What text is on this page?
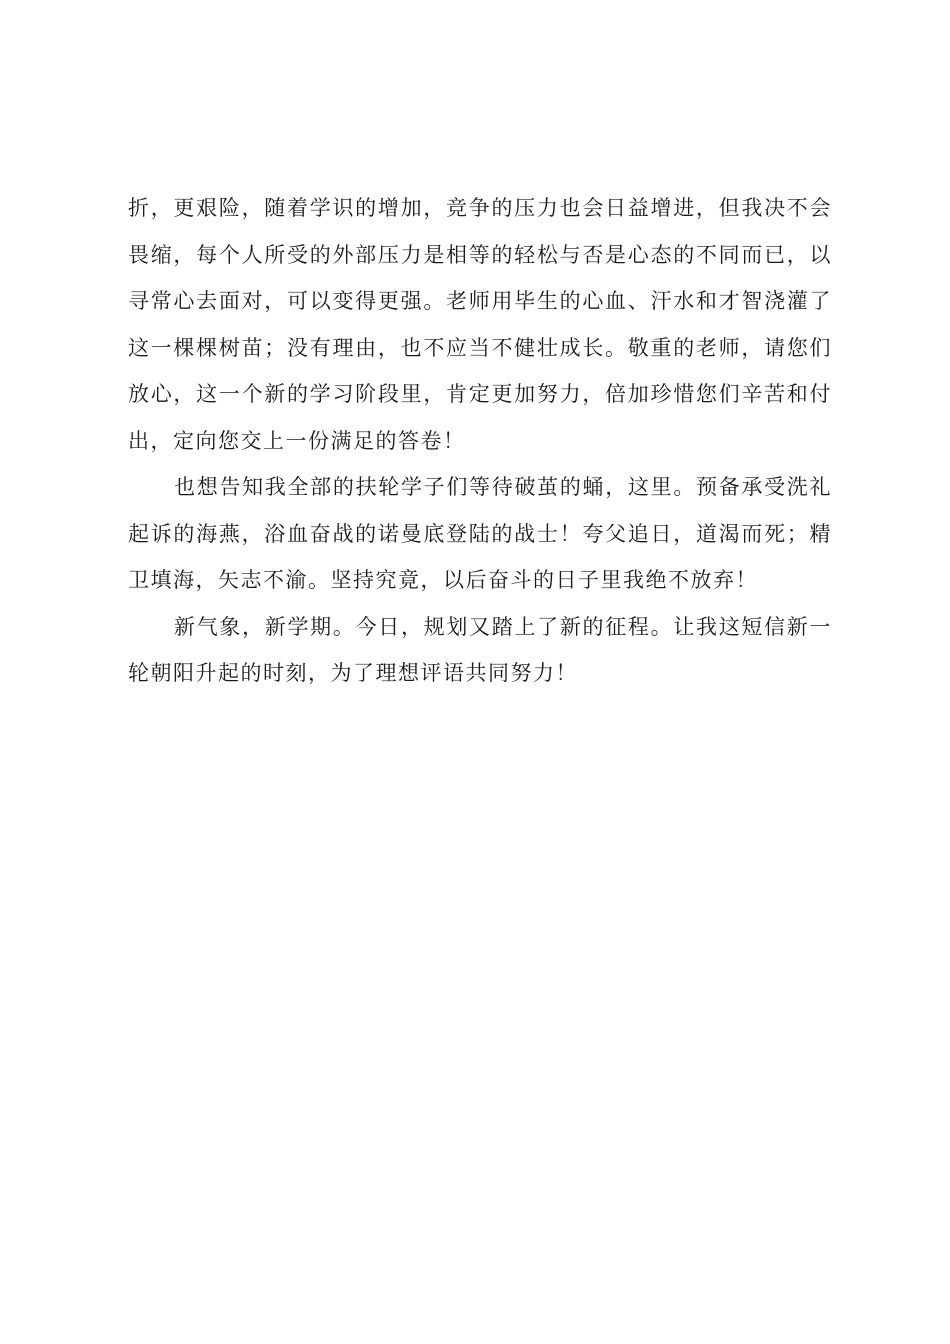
折，更艰险，随着学识的增加，竞争的压力也会日益增进，但我决不会畏缩，每个人所受的外部压力是相等的轻松与否是心态的不同而已，以寻常心去面对，可以变得更强。老师用毕生的心血、汗水和才智浇灌了这一棵棵树苗；没有理由，也不应当不健壮成长。敬重的老师，请您们放心，这一个新的学习阶段里，肯定更加努力，倍加珍惜您们辛苦和付出，定向您交上一份满足的答卷！

也想告知我全部的扶轮学子们等待破茧的蛹，这里。预备承受洗礼起诉的海燕，浴血奋战的诺曼底登陆的战士！夸父追日，道渴而死；精卫填海，矢志不渝。坚持究竟，以后奋斗的日子里我绝不放弃！

新气象，新学期。今日，规划又踏上了新的征程。让我这短信新一轮朝阳升起的时刻，为了理想评语共同努力！
